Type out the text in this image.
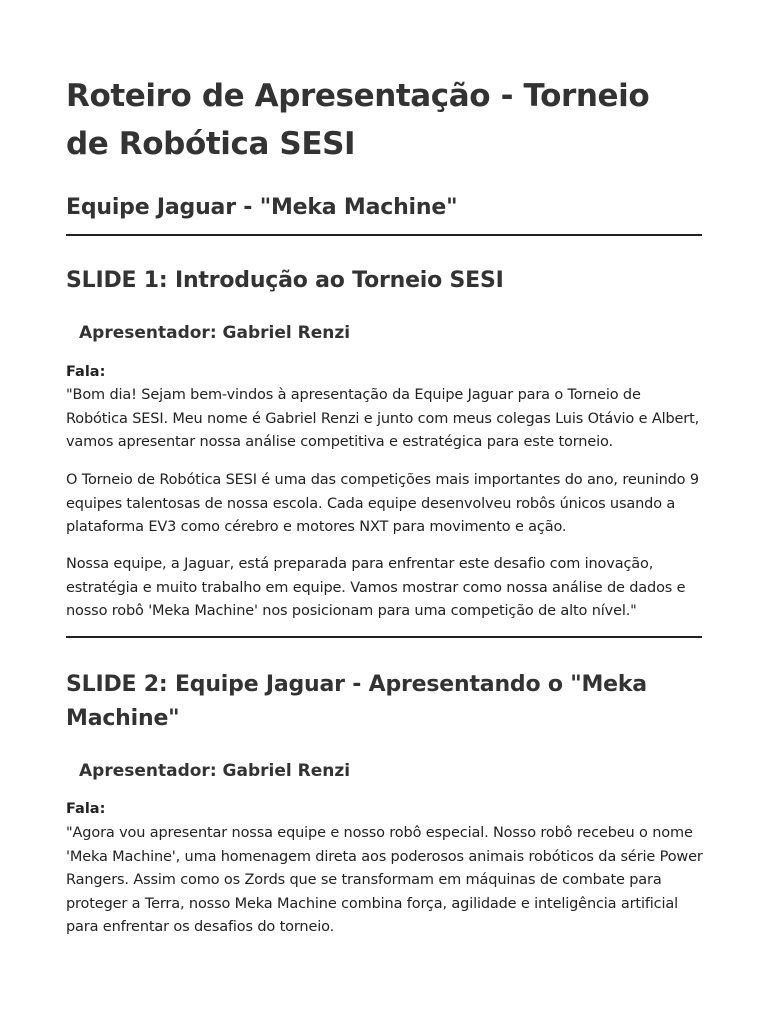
Roteiro de Apresentação - Torneio de Robótica SESI
Equipe Jaguar - "Meka Machine"
SLIDE 1: Introdução ao Torneio SESI
Apresentador: Gabriel Renzi
Fala:

"Bom dia! Sejam bem-vindos à apresentação da Equipe Jaguar para o Torneio de Robótica SESI. Meu nome é Gabriel Renzi e junto com meus colegas Luis Otávio e Albert, vamos apresentar nossa análise competitiva e estratégica para este torneio.

O Torneio de Robótica SESI é uma das competições mais importantes do ano, reunindo 9 equipes talentosas de nossa escola. Cada equipe desenvolveu robôs únicos usando a plataforma EV3 como cérebro e motores NXT para movimento e ação.

Nossa equipe, a Jaguar, está preparada para enfrentar este desafio com inovação, estratégia e muito trabalho em equipe. Vamos mostrar como nossa análise de dados e nosso robô 'Meka Machine' nos posicionam para uma competição de alto nível."

SLIDE 2: Equipe Jaguar - Apresentando o "Meka Machine"
Apresentador: Gabriel Renzi
Fala:

"Agora vou apresentar nossa equipe e nosso robô especial. Nosso robô recebeu o nome 'Meka Machine', uma homenagem direta aos poderosos animais robóticos da série Power Rangers. Assim como os Zords que se transformam em máquinas de combate para proteger a Terra, nosso Meka Machine combina força, agilidade e inteligência artificial para enfrentar os desafios do torneio.
